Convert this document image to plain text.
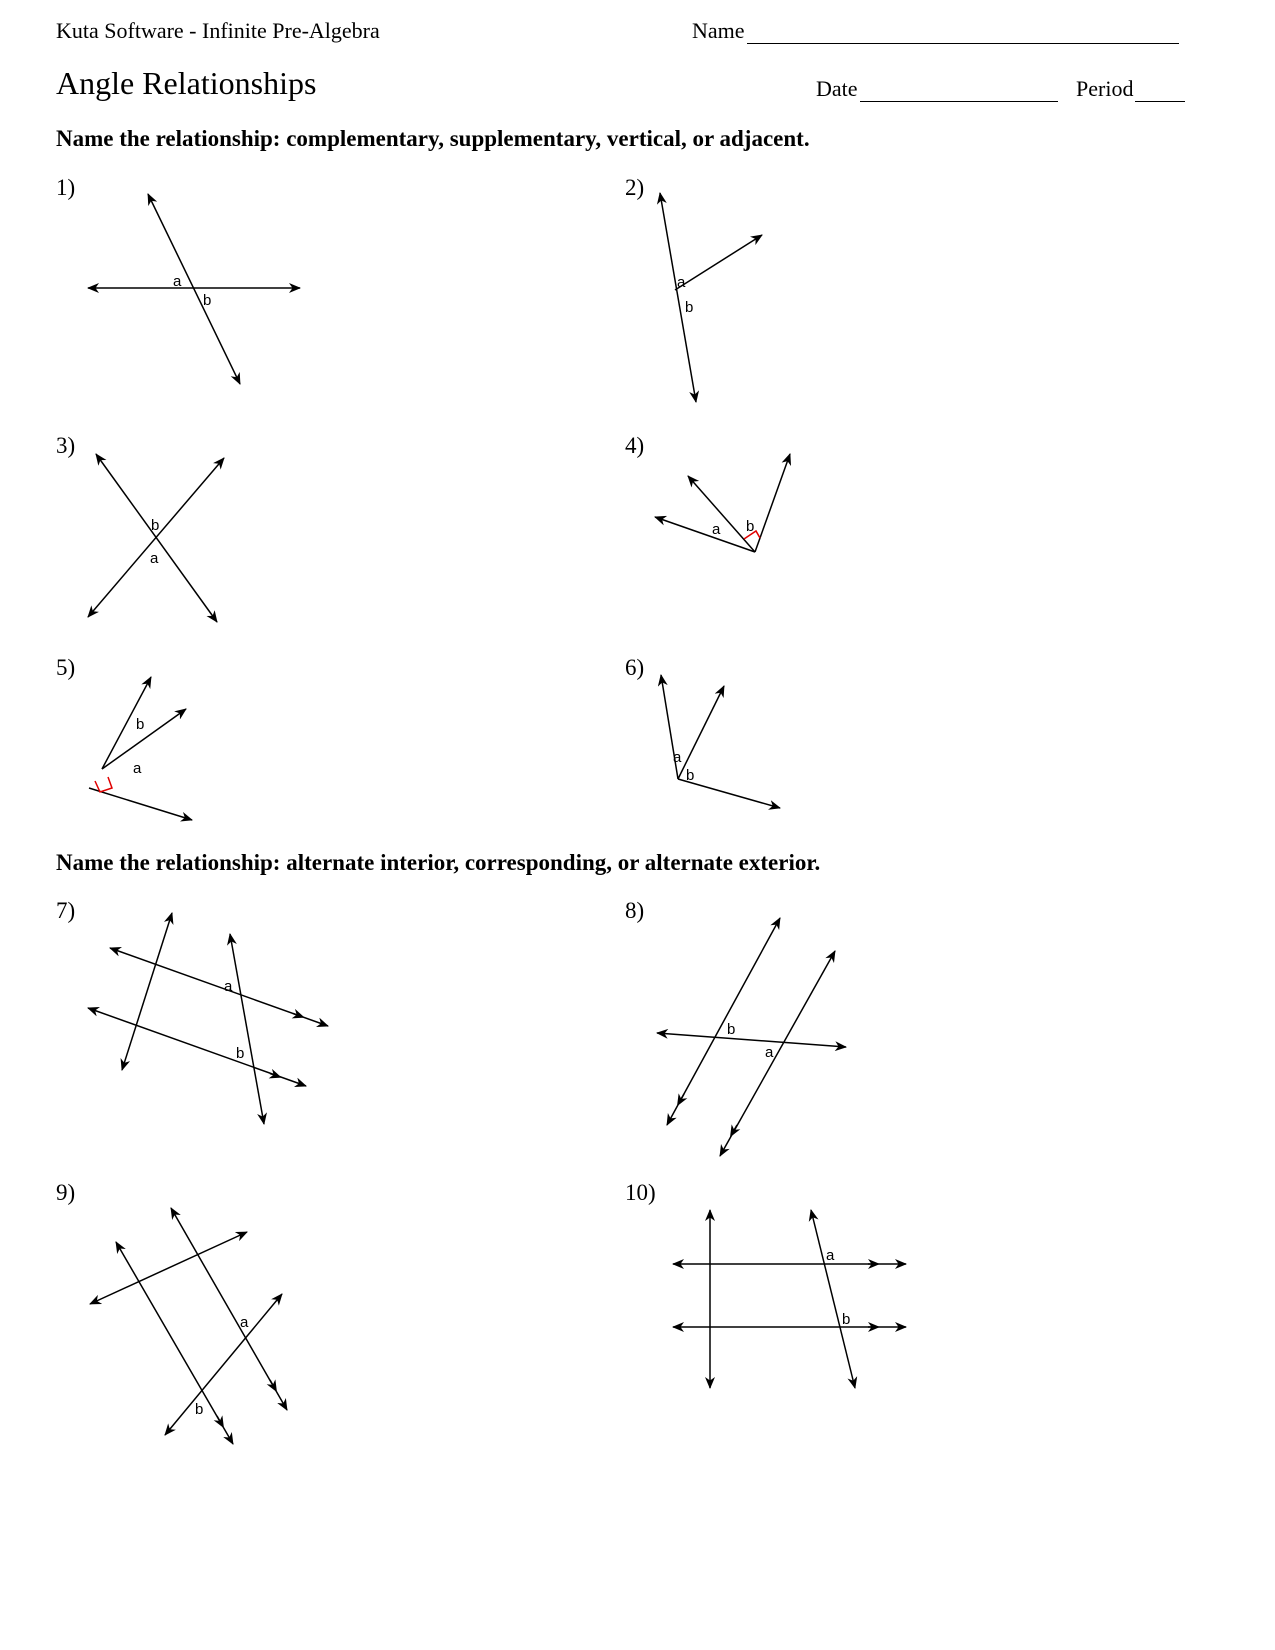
Kuta Software - Infinite Pre-Algebra
Angle Relationships
Name
Date	Period
Name the relationship: complementary, supplementary, vertical, or adjacent.
Name the relationship: alternate interior, corresponding, or alternate exterior.
1)	2)
3)	4)
5)	6)
7)	8)
9)	10)
a
b
a
b
b
a
a b
b
a
a
b
a
b
b
a
a
b
a
b
